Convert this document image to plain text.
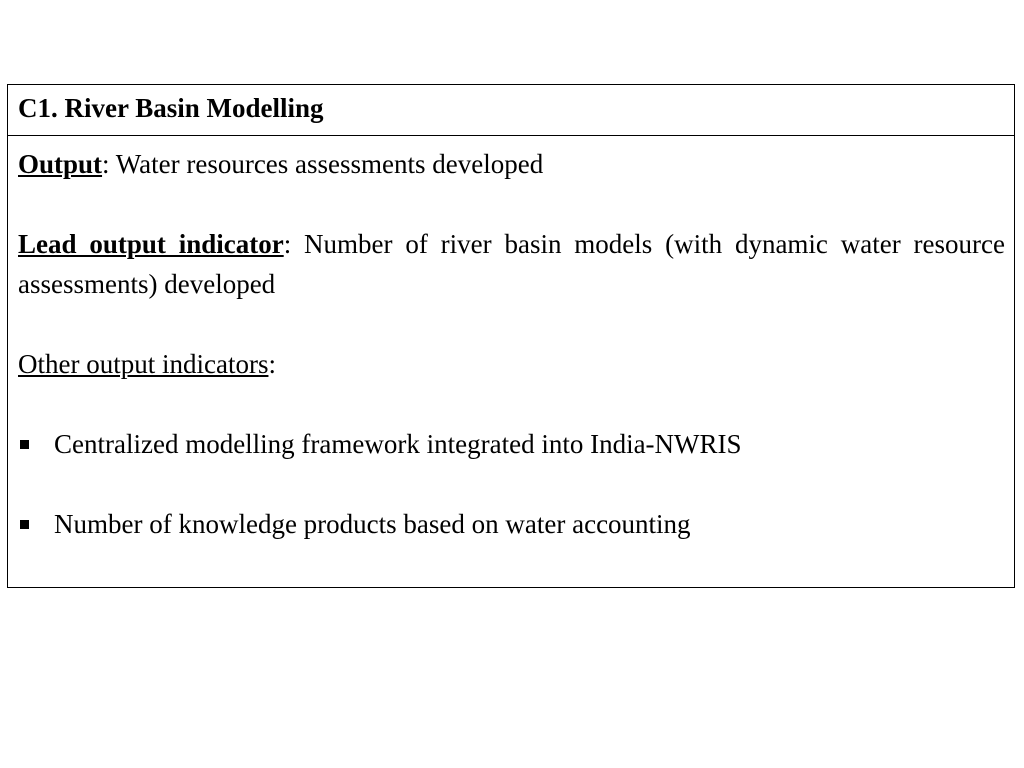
C1. River Basin Modelling

Output: Water resources assessments developed

Lead output indicator: Number of river basin models (with dynamic water resource assessments) developed

Other output indicators:

Centralized modelling framework integrated into India-NWRIS
Number of knowledge products based on water accounting
